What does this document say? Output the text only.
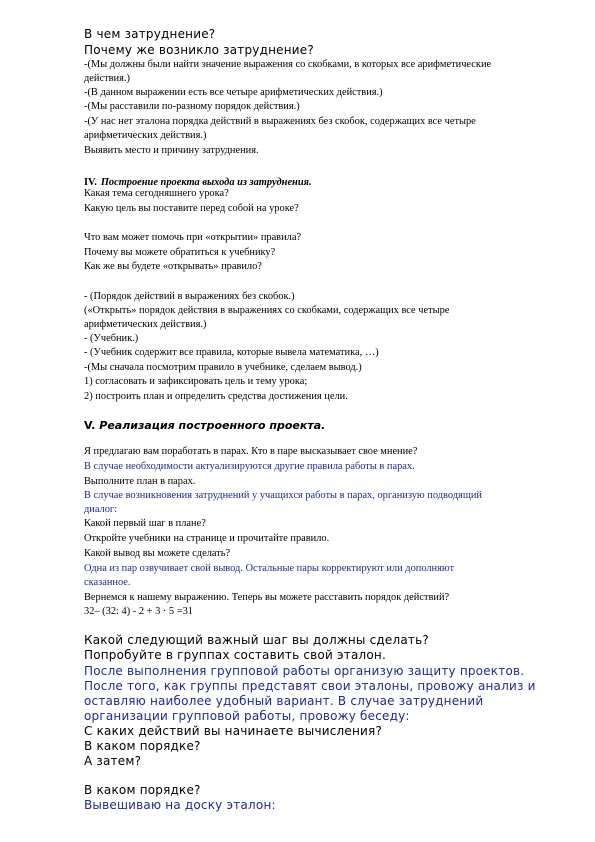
В чем затруднение?
Почему же возникло затруднение?
-(Мы должны были найти значение выражения со скобками, в которых все арифметические
действия.)
-(В данном выражении есть все четыре арифметических действия.)
-(Мы расставили по-разному порядок действия.)
-(У нас нет эталона порядка действий в выражениях без скобок, содержащих все четыре
арифметических действия.)
Выявить место и причину затруднения.
IV. Построение проекта выхода из затруднения.
Какая тема сегодняшнего урока?
Какую цель вы поставите перед собой на уроке?
Что вам может помочь при «открытии» правила?
Почему вы можете обратиться к учебнику?
Как же вы будете «открывать» правило?
- (Порядок действий в выражениях без скобок.)
(«Открыть» порядок действия в выражениях со скобками, содержащих все четыре
арифметических действия.)
- (Учебник.)
- (Учебник содержит все правила, которые вывела математика, …)
-(Мы сначала посмотрим правило в учебнике, сделаем вывод.)
1) согласовать и зафиксировать цель и тему урока;
2) построить план и определить средства достижения цели.
V. Реализация построенного проекта.
Я предлагаю вам поработать в парах. Кто в паре высказывает свое мнение?
В случае необходимости актуализируются другие правила работы в парах.
Выполните план в парах.
В случае возникновения затруднений у учащихся работы в парах, организую подводящий
диалог:
Какой первый шаг в плане?
Откройте учебники на странице и прочитайте правило.
Какой вывод вы можете сделать?
Одна из пар озвучивает свой вывод. Остальные пары корректируют или дополняют
сказанное.
Вернемся к нашему выражению. Теперь вы можете расставить порядок действий?
32– (32: 4) - 2 + 3 · 5 =31
Какой следующий важный шаг вы должны сделать?
Попробуйте в группах составить свой эталон.
После выполнения групповой работы организую защиту проектов.
После того, как группы представят свои эталоны, провожу анализ и
оставляю наиболее удобный вариант. В случае затруднений
организации групповой работы, провожу беседу:
С каких действий вы начинаете вычисления?
В каком порядке?
А затем?
В каком порядке?
Вывешиваю на доску эталон:
